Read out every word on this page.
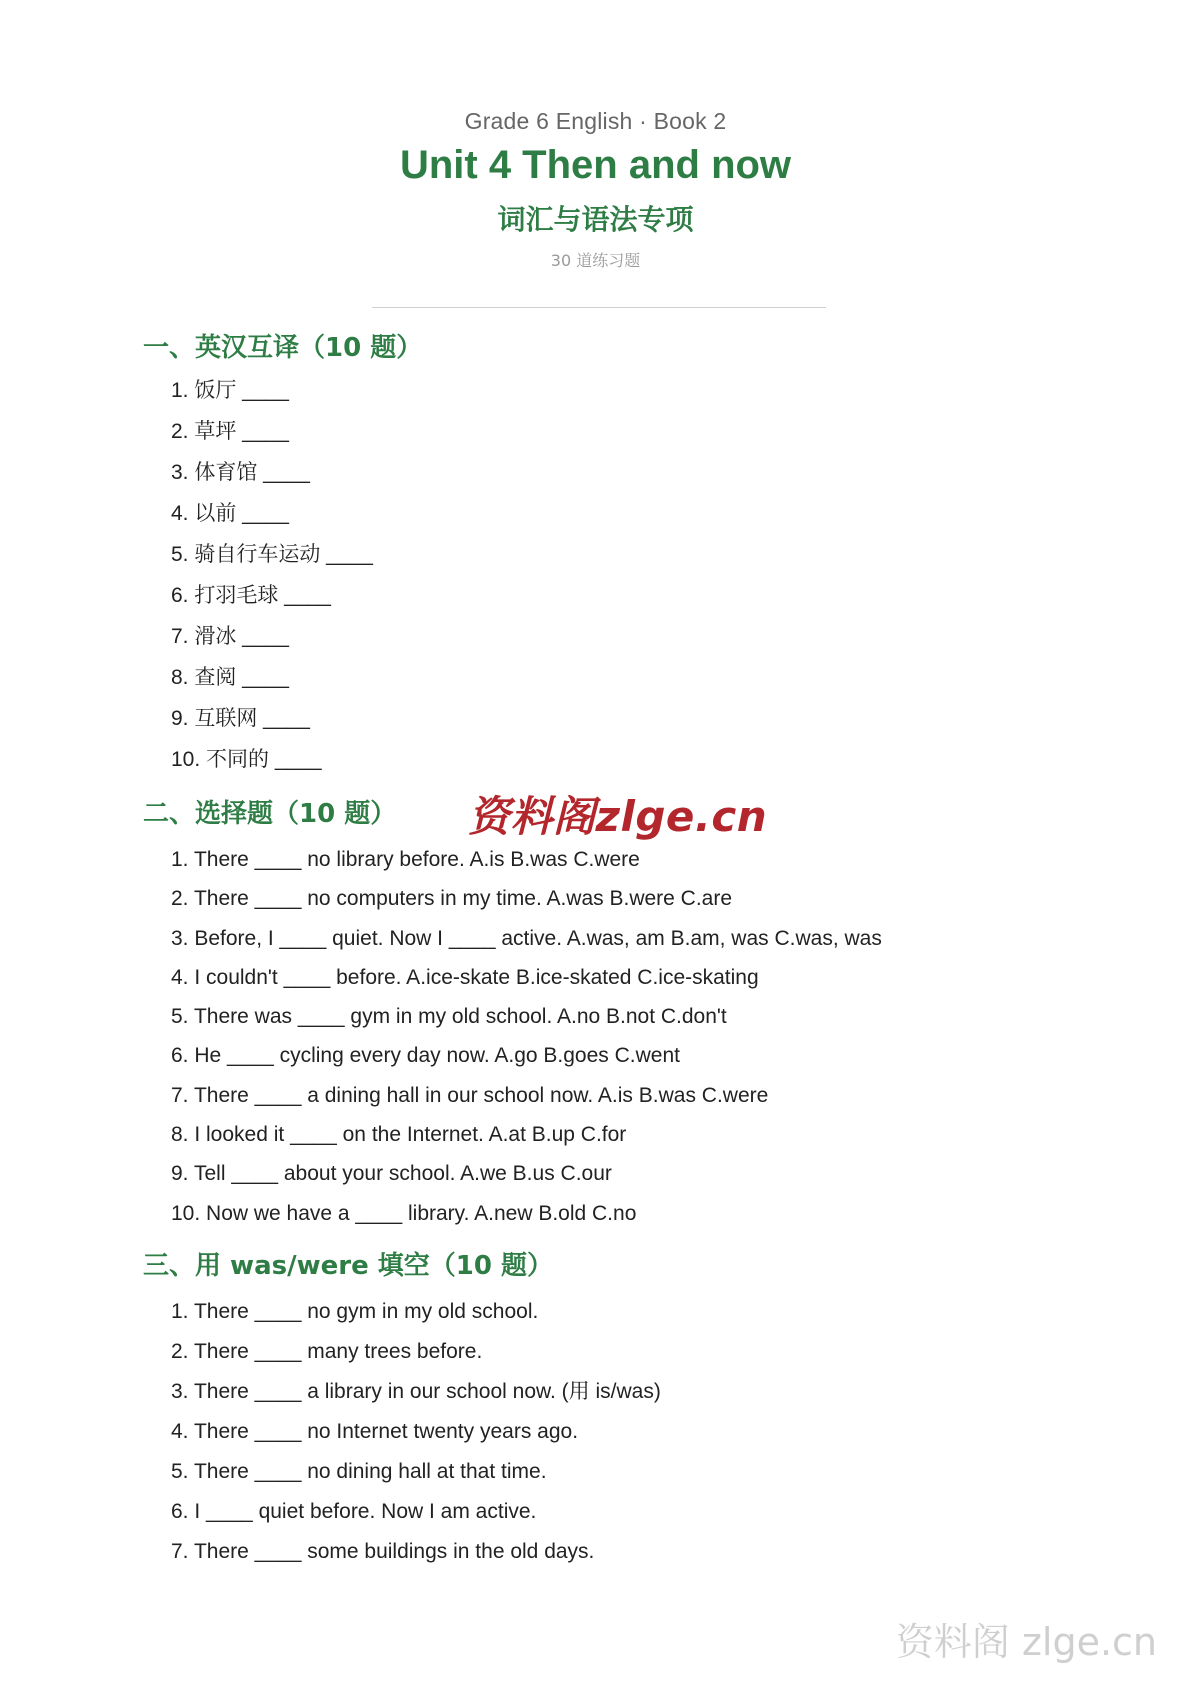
Grade 6 English · Book 2
Unit 4 Then and now
词汇与语法专项
30 道练习题
一、英汉互译（10 题）
1. 饭厅 ____
2. 草坪 ____
3. 体育馆 ____
4. 以前 ____
5. 骑自行车运动 ____
6. 打羽毛球 ____
7. 滑冰 ____
8. 查阅 ____
9. 互联网 ____
10. 不同的 ____
二、选择题（10 题）
1. There ____ no library before. A.is B.was C.were
2. There ____ no computers in my time. A.was B.were C.are
3. Before, I ____ quiet. Now I ____ active. A.was, am B.am, was C.was, was
4. I couldn't ____ before. A.ice-skate B.ice-skated C.ice-skating
5. There was ____ gym in my old school. A.no B.not C.don't
6. He ____ cycling every day now. A.go B.goes C.went
7. There ____ a dining hall in our school now. A.is B.was C.were
8. I looked it ____ on the Internet. A.at B.up C.for
9. Tell ____ about your school. A.we B.us C.our
10. Now we have a ____ library. A.new B.old C.no
资料阁zlge.cn
三、用 was/were 填空（10 题）
1. There ____ no gym in my old school.
2. There ____ many trees before.
3. There ____ a library in our school now. (用 is/was)
4. There ____ no Internet twenty years ago.
5. There ____ no dining hall at that time.
6. I ____ quiet before. Now I am active.
7. There ____ some buildings in the old days.
资料阁 zlge.cn
